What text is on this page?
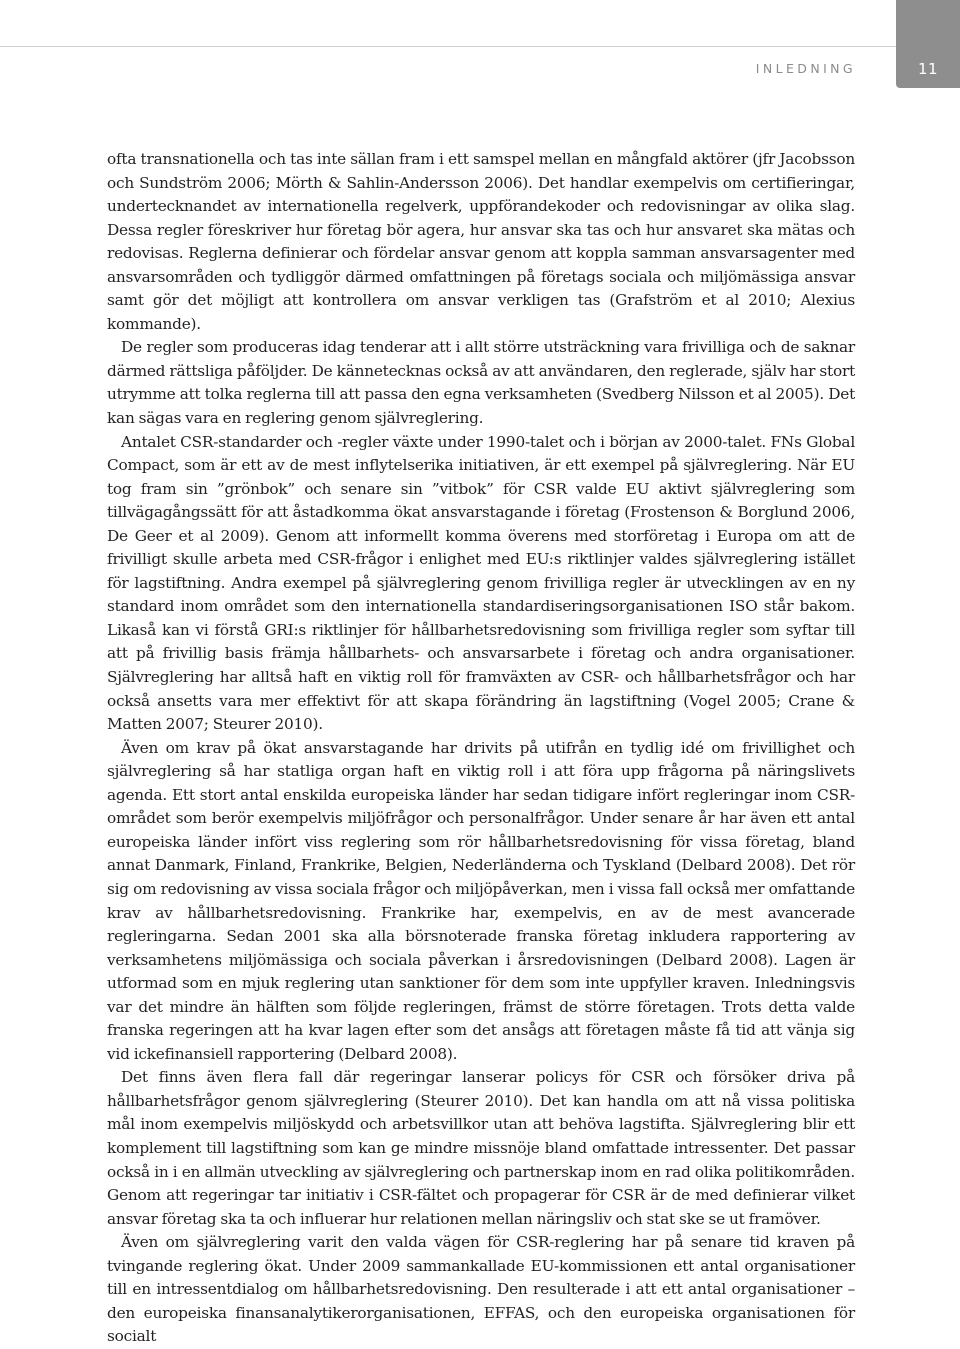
INLEDNING	11

ofta transnationella och tas inte sällan fram i ett samspel mellan en mångfald aktörer (jfr Jacobsson och Sundström 2006; Mörth & Sahlin-Andersson 2006). Det handlar exempelvis om certifieringar, undertecknandet av internationella regelverk, uppförandekoder och redovisningar av olika slag. Dessa regler föreskriver hur företag bör agera, hur ansvar ska tas och hur ansvaret ska mätas och redovisas. Reglerna definierar och fördelar ansvar genom att koppla samman ansvarsagenter med ansvarsområden och tydliggör därmed omfattningen på företags sociala och miljömässiga ansvar samt gör det möjligt att kontrollera om ansvar verkligen tas (Grafström et al 2010; Alexius kommande).

De regler som produceras idag tenderar att i allt större utsträckning vara frivilliga och de saknar därmed rättsliga påföljder. De kännetecknas också av att användaren, den reglerade, själv har stort utrymme att tolka reglerna till att passa den egna verksamheten (Svedberg Nilsson et al 2005). Det kan sägas vara en reglering genom självreglering.

Antalet CSR-standarder och -regler växte under 1990-talet och i början av 2000-talet. FNs Global Compact, som är ett av de mest inflytelserika initiativen, är ett exempel på självreglering. När EU tog fram sin ”grönbok” och senare sin ”vitbok” för CSR valde EU aktivt självreglering som tillvägagångssätt för att åstadkomma ökat ansvarstagande i företag (Frostenson & Borglund 2006, De Geer et al 2009). Genom att informellt komma överens med storföretag i Europa om att de frivilligt skulle arbeta med CSR-frågor i enlighet med EU:s riktlinjer valdes självreglering istället för lagstiftning. Andra exempel på självreglering genom frivilliga regler är utvecklingen av en ny standard inom området som den internationella standardiseringsorganisationen ISO står bakom. Likaså kan vi förstå GRI:s riktlinjer för hållbarhetsredovisning som frivilliga regler som syftar till att på frivillig basis främja hållbarhets- och ansvarsarbete i företag och andra organisationer. Självreglering har alltså haft en viktig roll för framväxten av CSR- och hållbarhetsfrågor och har också ansetts vara mer effektivt för att skapa förändring än lagstiftning (Vogel 2005; Crane & Matten 2007; Steurer 2010).

Även om krav på ökat ansvarstagande har drivits på utifrån en tydlig idé om frivillighet och självreglering så har statliga organ haft en viktig roll i att föra upp frågorna på näringslivets agenda. Ett stort antal enskilda europeiska länder har sedan tidigare infört regleringar inom CSR- området som berör exempelvis miljöfrågor och personalfrågor. Under senare år har även ett antal europeiska länder infört viss reglering som rör hållbarhetsredovisning för vissa företag, bland annat Danmark, Finland, Frankrike, Belgien, Nederländerna och Tyskland (Delbard 2008). Det rör sig om redovisning av vissa sociala frågor och miljöpåverkan, men i vissa fall också mer omfattande krav av hållbarhetsredovisning. Frankrike har, exempelvis, en av de mest avancerade regleringarna. Sedan 2001 ska alla börsnoterade franska företag inkludera rapportering av verksamhetens miljömässiga och sociala påverkan i årsredovisningen (Delbard 2008). Lagen är utformad som en mjuk reglering utan sanktioner för dem som inte uppfyller kraven. Inledningsvis var det mindre än hälften som följde regleringen, främst de större företagen. Trots detta valde franska regeringen att ha kvar lagen efter som det ansågs att företagen måste få tid att vänja sig vid ickefinansiell rapportering (Delbard 2008).

Det finns även flera fall där regeringar lanserar policys för CSR och försöker driva på hållbarhetsfrågor genom självreglering (Steurer 2010). Det kan handla om att nå vissa politiska mål inom exempelvis miljöskydd och arbetsvillkor utan att behöva lagstifta. Självreglering blir ett komplement till lagstiftning som kan ge mindre missnöje bland omfattade intressenter. Det passar också in i en allmän utveckling av självreglering och partnerskap inom en rad olika politikområden. Genom att regeringar tar initiativ i CSR-fältet och propagerar för CSR är de med definierar vilket ansvar företag ska ta och influerar hur relationen mellan näringsliv och stat ske se ut framöver.

Även om självreglering varit den valda vägen för CSR-reglering har på senare tid kraven på tvingande reglering ökat. Under 2009 sammankallade EU-kommissionen ett antal organisationer till en intressentdialog om hållbarhetsredovisning. Den resulterade i att ett antal organisationer – den europeiska finansanalytikerorganisationen, EFFAS, och den europeiska organisationen för socialt
